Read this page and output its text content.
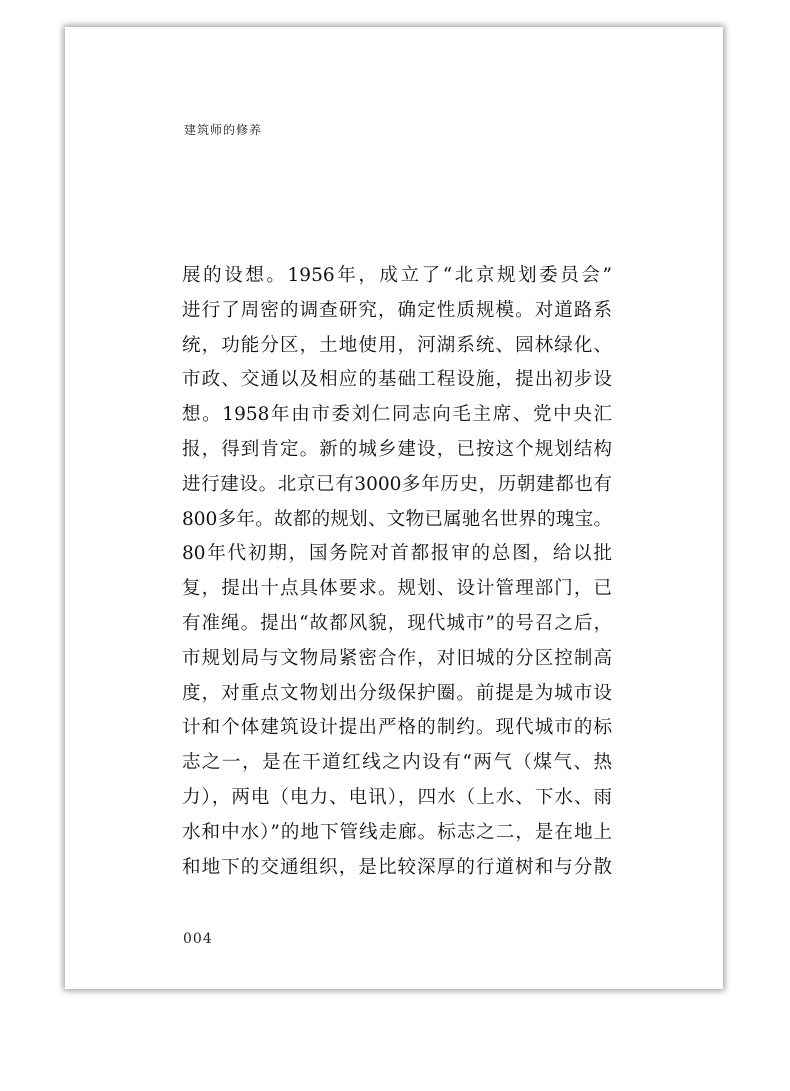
建筑师的修养
展的设想。1956年，成立了“北京规划委员会”
进行了周密的调查研究，确定性质规模。对道路系
统，功能分区，土地使用，河湖系统、园林绿化、
市政、交通以及相应的基础工程设施，提出初步设
想。1958年由市委刘仁同志向毛主席、党中央汇
报，得到肯定。新的城乡建设，已按这个规划结构
进行建设。北京已有3000多年历史，历朝建都也有
800多年。故都的规划、文物已属驰名世界的瑰宝。
80年代初期，国务院对首都报审的总图，给以批
复，提出十点具体要求。规划、设计管理部门，已
有准绳。提出“故都风貌，现代城市”的号召之后，
市规划局与文物局紧密合作，对旧城的分区控制高
度，对重点文物划出分级保护圈。前提是为城市设
计和个体建筑设计提出严格的制约。现代城市的标
志之一，是在干道红线之内设有“两气（煤气、热
力），两电（电力、电讯），四水（上水、下水、雨
水和中水）”的地下管线走廊。标志之二，是在地上
和地下的交通组织，是比较深厚的行道树和与分散
004
